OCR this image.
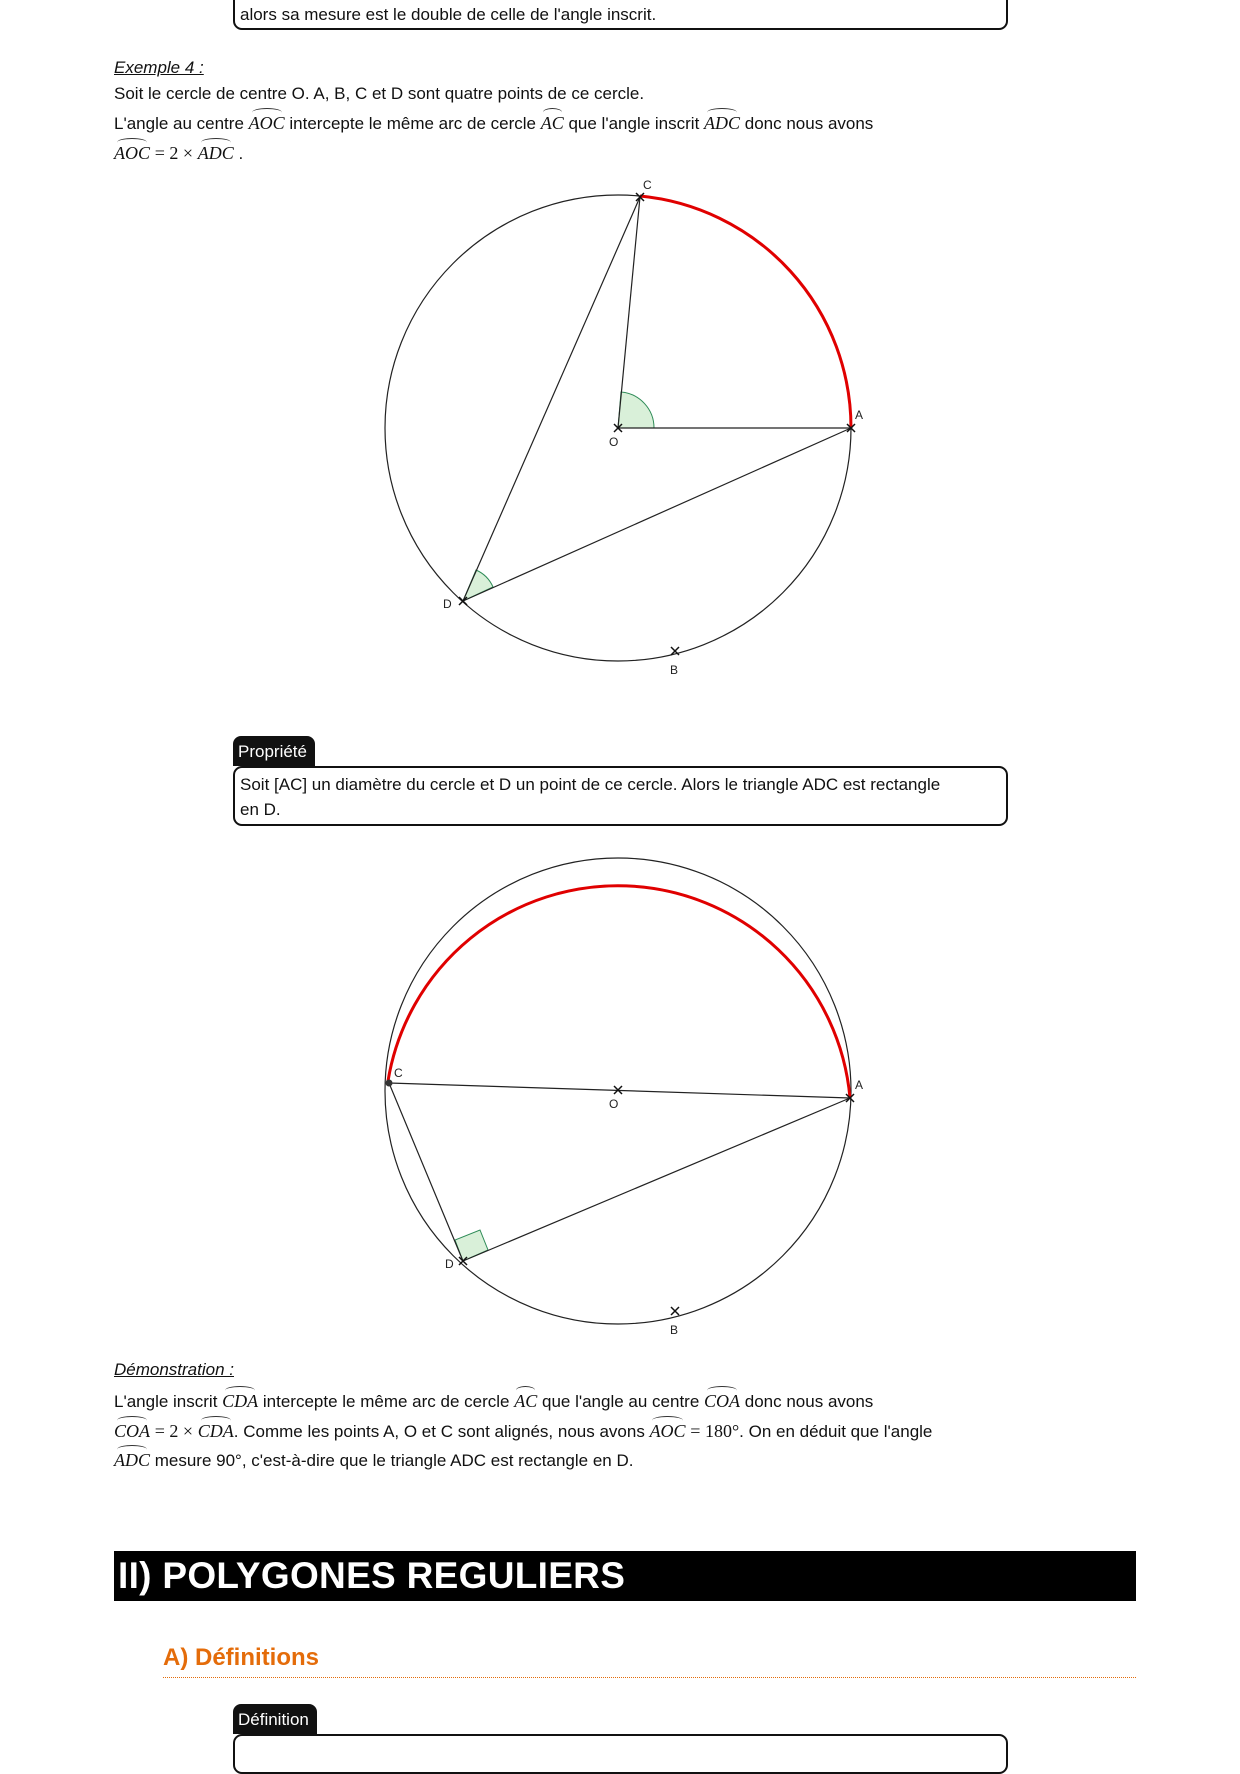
alors sa mesure est le double de celle de l'angle inscrit.
Exemple 4 :
Soit le cercle de centre O. A, B, C et D sont quatre points de ce cercle.
L'angle au centre AOC intercepte le même arc de cercle AC que l'angle inscrit ADC donc nous avons
AOC = 2 × ADC .
C
A
O
D
B
Propriété
Soit [AC] un diamètre du cercle et D un point de ce cercle. Alors le triangle ADC est rectangle
en D.
C
A
O
D
B
Démonstration :
L'angle inscrit CDA intercepte le même arc de cercle AC que l'angle au centre COA donc nous avons
COA = 2 × CDA. Comme les points A, O et C sont alignés, nous avons AOC = 180°. On en déduit que l'angle
ADC mesure 90°, c'est-à-dire que le triangle ADC est rectangle en D.
II) POLYGONES REGULIERS
A) Définitions
Définition
